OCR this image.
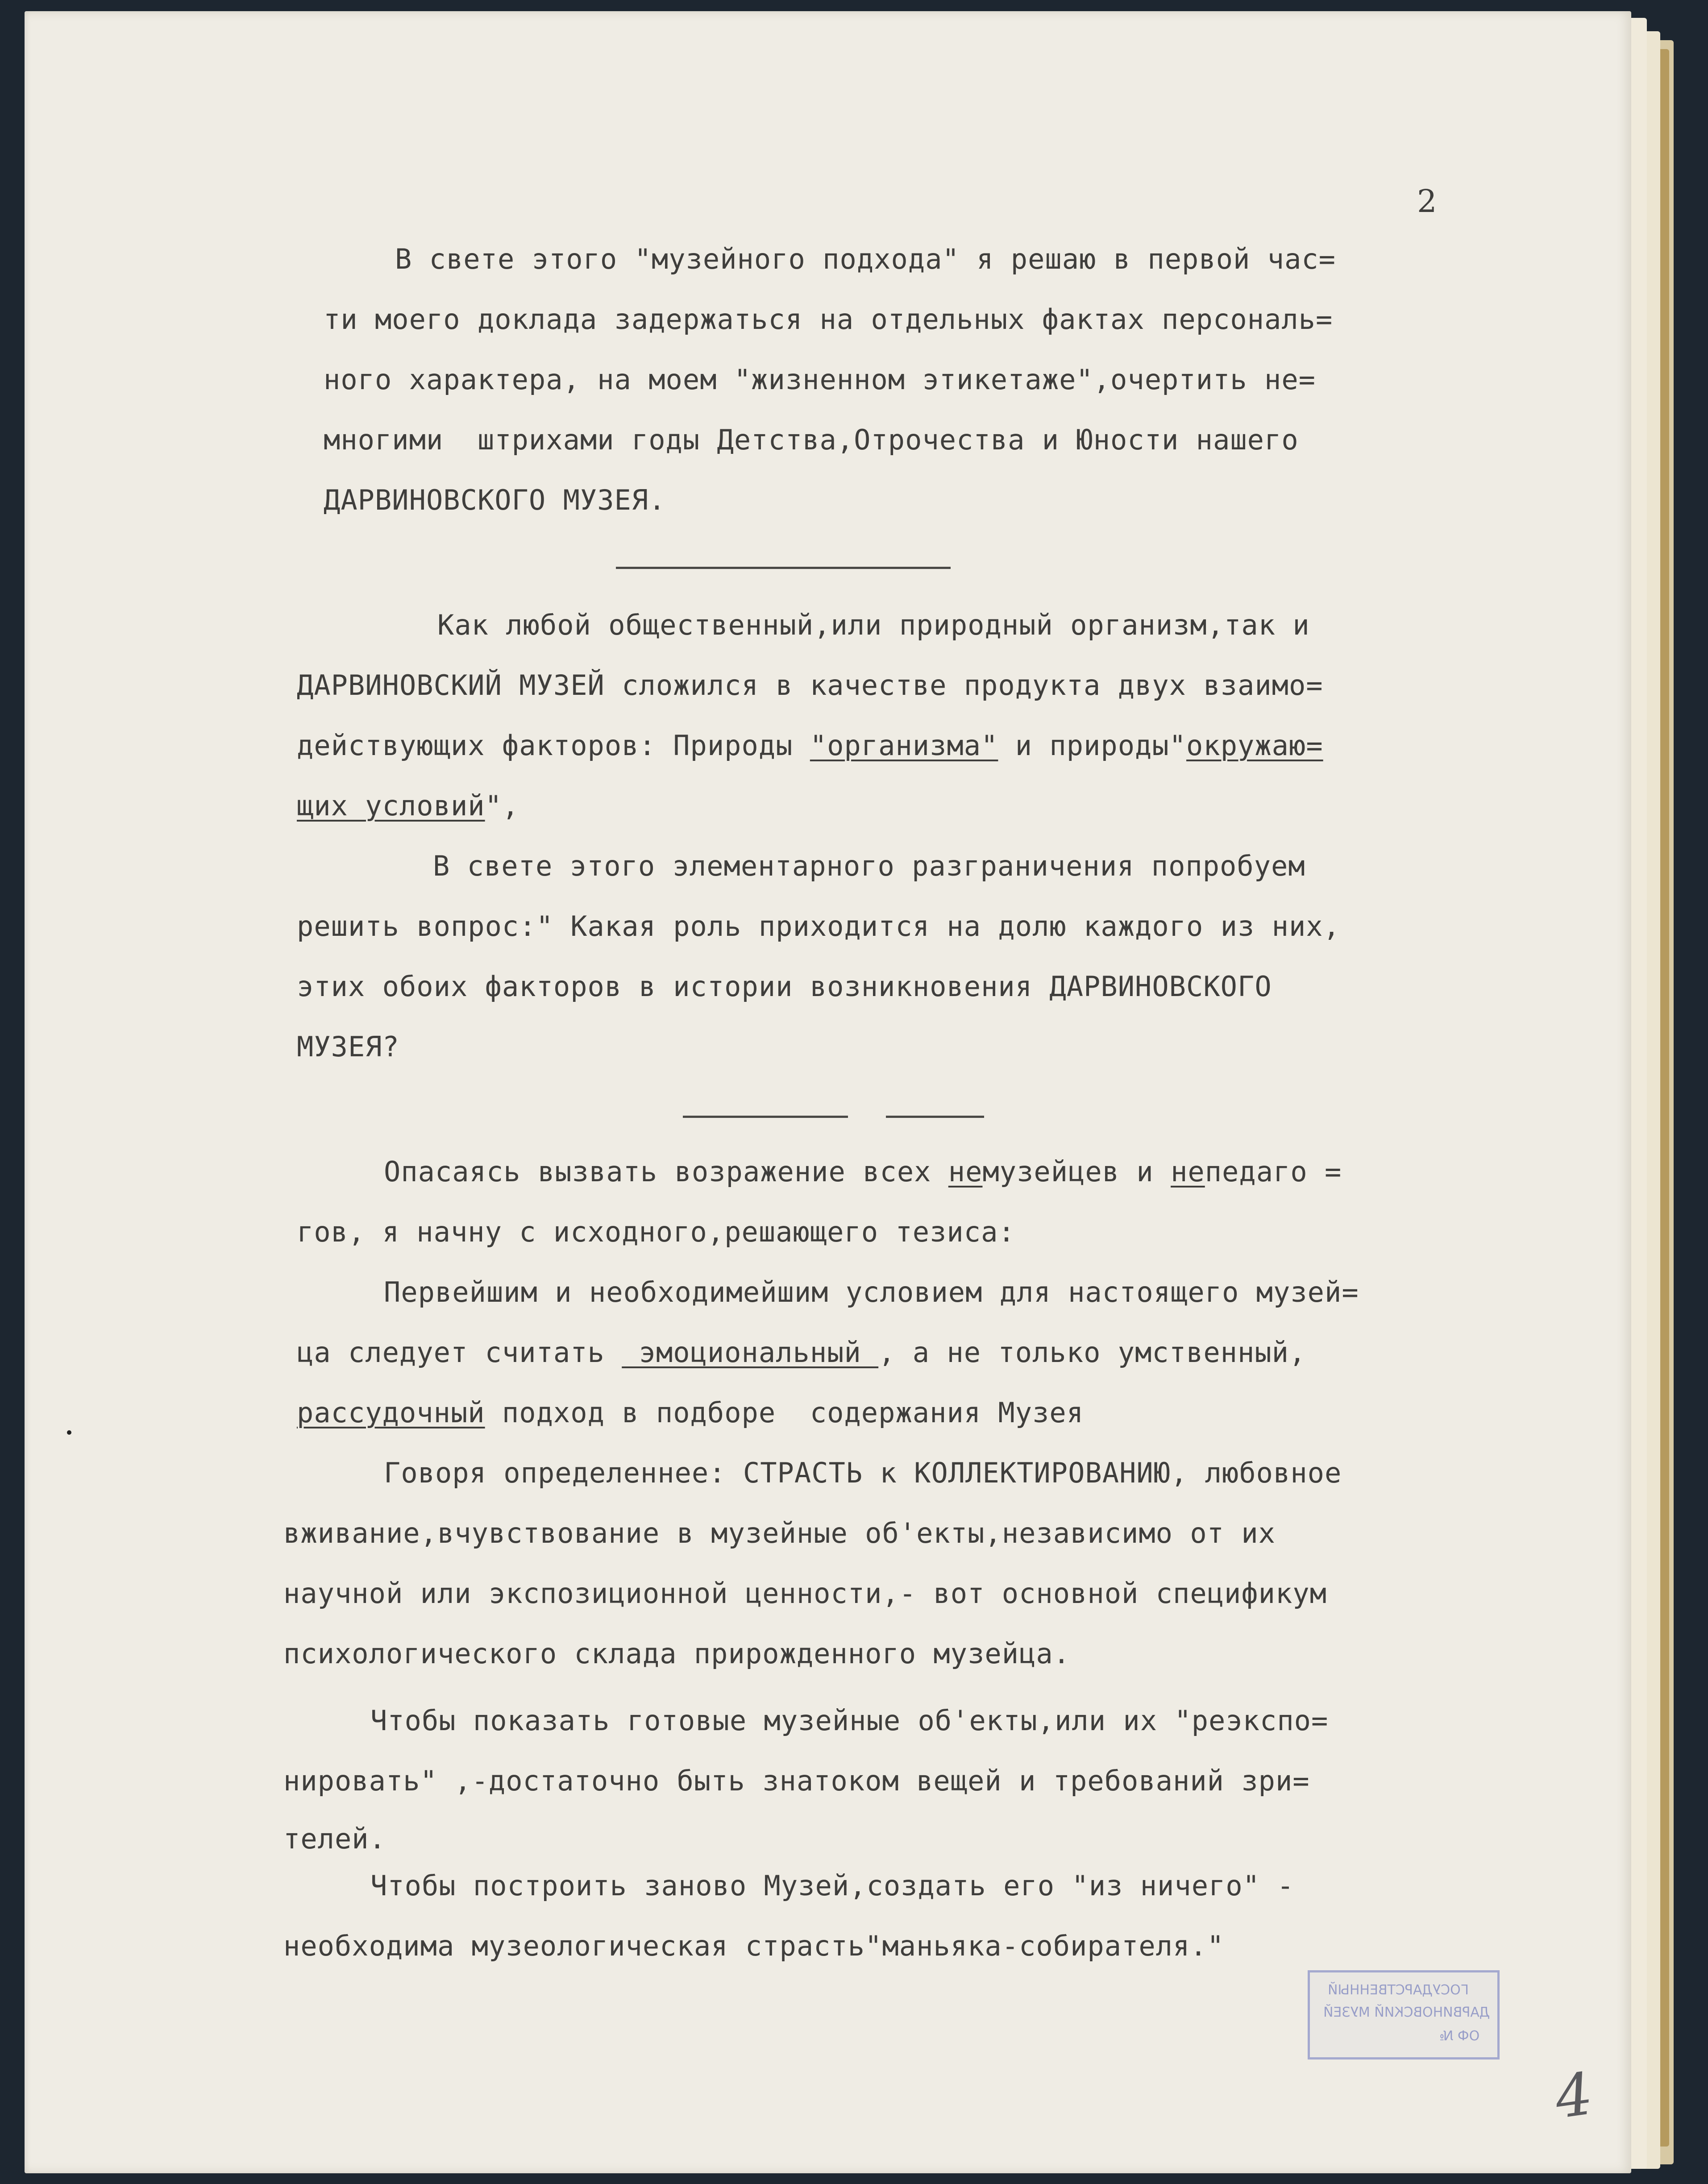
2
В свете этого "музейного подхода" я решаю в первой час=
ти моего доклада задержаться на отдельных фактах персональ=
ного характера, на моем "жизненном этикетаже",очертить не=
многими  штрихами годы Детства,Отрочества и Юности нашего
ДАРВИНОВСКОГО МУЗЕЯ.
Как любой общественный,или природный организм,так и
ДАРВИНОВСКИЙ МУЗЕЙ сложился в качестве продукта двух взаимо=
действующих факторов: Природы "организма" и природы"окружаю=
щих условий",
В свете этого элементарного разграничения попробуем
решить вопрос:" Какая роль приходится на долю каждого из них,
этих обоих факторов в истории возникновения ДАРВИНОВСКОГО
МУЗЕЯ?
Опасаясь вызвать возражение всех немузейцев и непедаго =
гов, я начну с исходного,решающего тезиса:
Первейшим и необходимейшим условием для настоящего музей=
ца следует считать  эмоциональный , а не только умственный,
рассудочный подход в подборе  содержания Музея
Говоря определеннее: СТРАСТЬ к КОЛЛЕКТИРОВАНИЮ, любовное
вживание,вчувствование в музейные об'екты,независимо от их
научной или экспозиционной ценности,- вот основной спецификум
психологического склада прирожденного музейца.
Чтобы показать готовые музейные об'екты,или их "реэкспо=
нировать" ,-достаточно быть знатоком вещей и требований зри=
телей.
Чтобы построить заново Музей,создать его "из ничего" -
необходима музеологическая страсть"маньяка-собирателя."
ГОСУДАРСТВЕННЫЙ
ДАРВИНОВСКИЙ МУЗЕЙ
ОФ №
4
